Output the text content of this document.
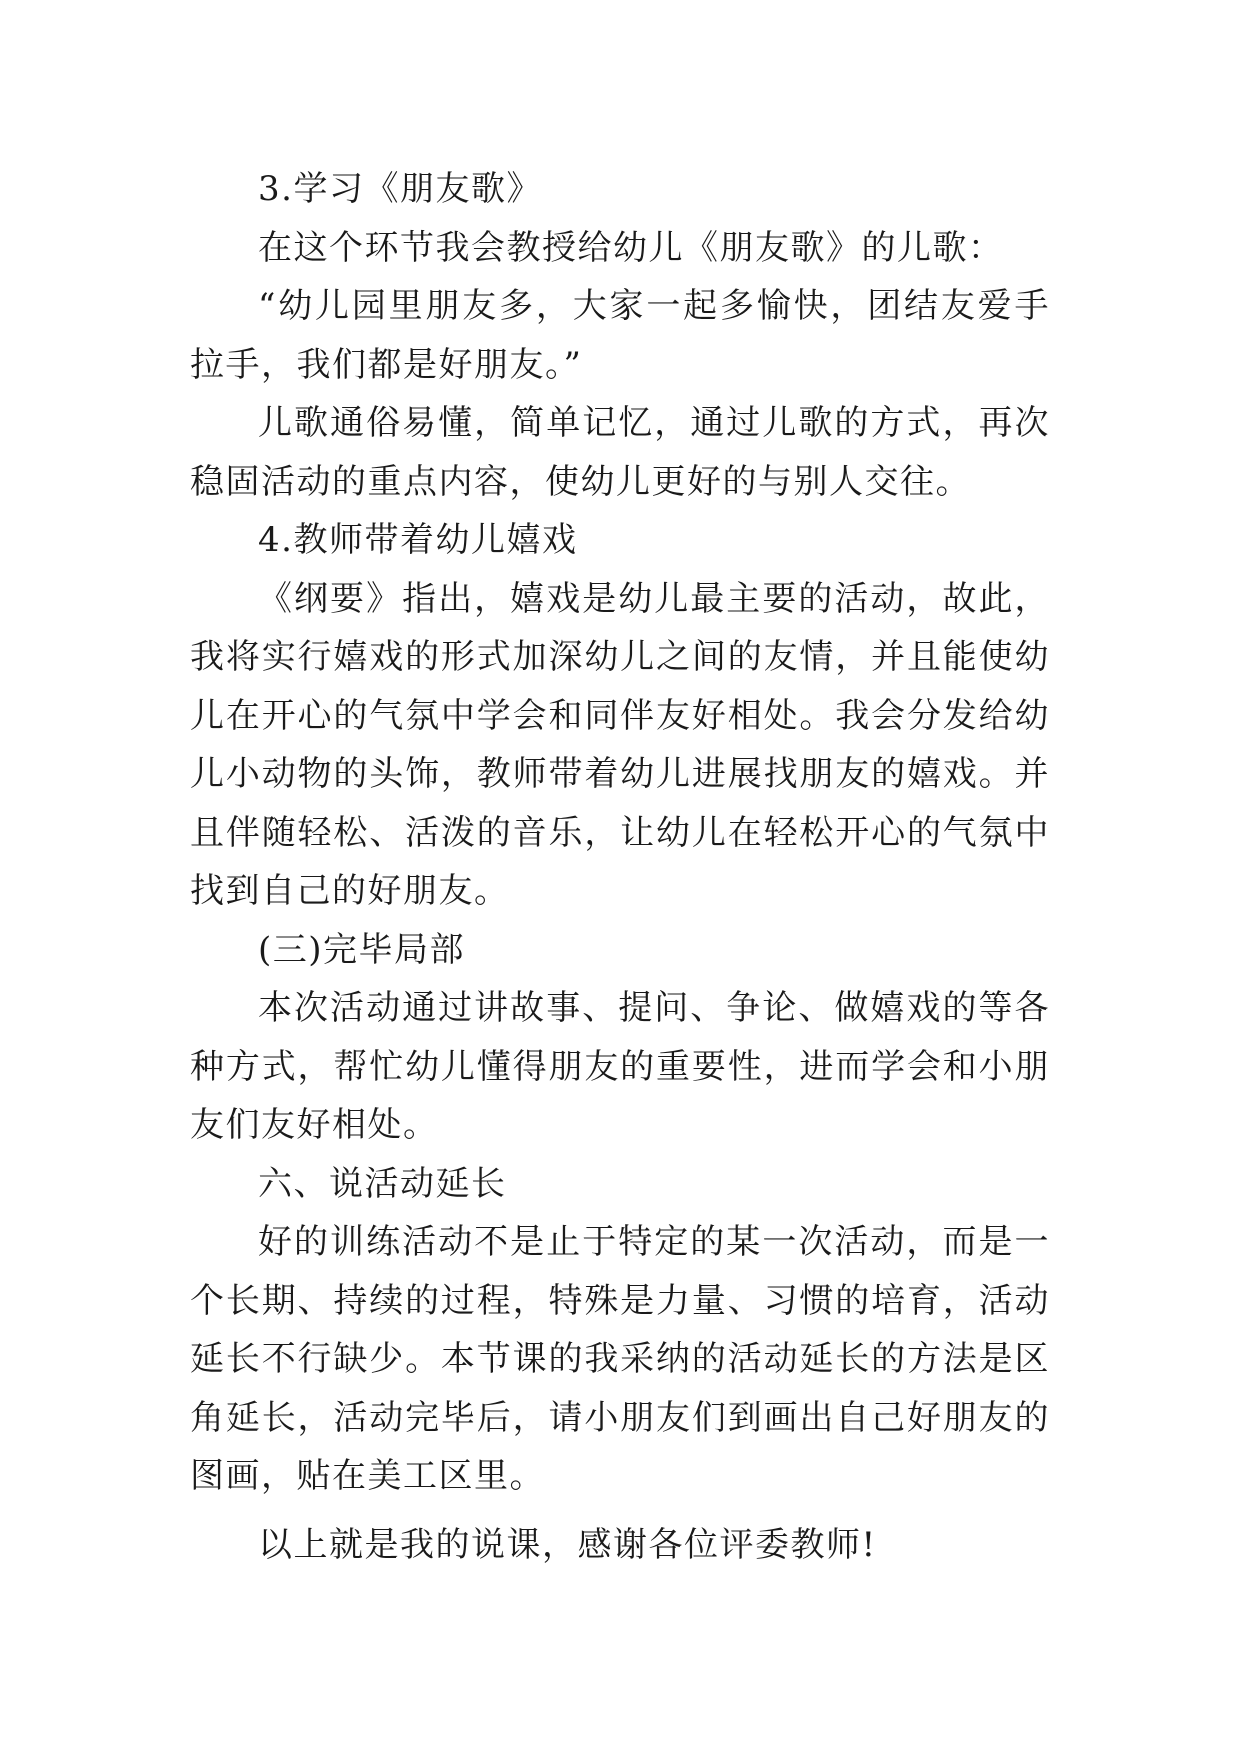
3.学习《朋友歌》

在这个环节我会教授给幼儿《朋友歌》的儿歌：

“幼儿园里朋友多，大家一起多愉快，团结友爱手拉手，我们都是好朋友。”

儿歌通俗易懂，简单记忆，通过儿歌的方式，再次稳固活动的重点内容，使幼儿更好的与别人交往。

4.教师带着幼儿嬉戏

《纲要》指出，嬉戏是幼儿最主要的活动，故此，我将实行嬉戏的形式加深幼儿之间的友情，并且能使幼儿在开心的气氛中学会和同伴友好相处。我会分发给幼儿小动物的头饰，教师带着幼儿进展找朋友的嬉戏。并且伴随轻松、活泼的音乐，让幼儿在轻松开心的气氛中找到自己的好朋友。

(三)完毕局部

本次活动通过讲故事、提问、争论、做嬉戏的等各种方式，帮忙幼儿懂得朋友的重要性，进而学会和小朋友们友好相处。

六、说活动延长

好的训练活动不是止于特定的某一次活动，而是一个长期、持续的过程，特殊是力量、习惯的培育，活动延长不行缺少。本节课的我采纳的活动延长的方法是区角延长，活动完毕后，请小朋友们到画出自己好朋友的图画，贴在美工区里。

以上就是我的说课，感谢各位评委教师!
